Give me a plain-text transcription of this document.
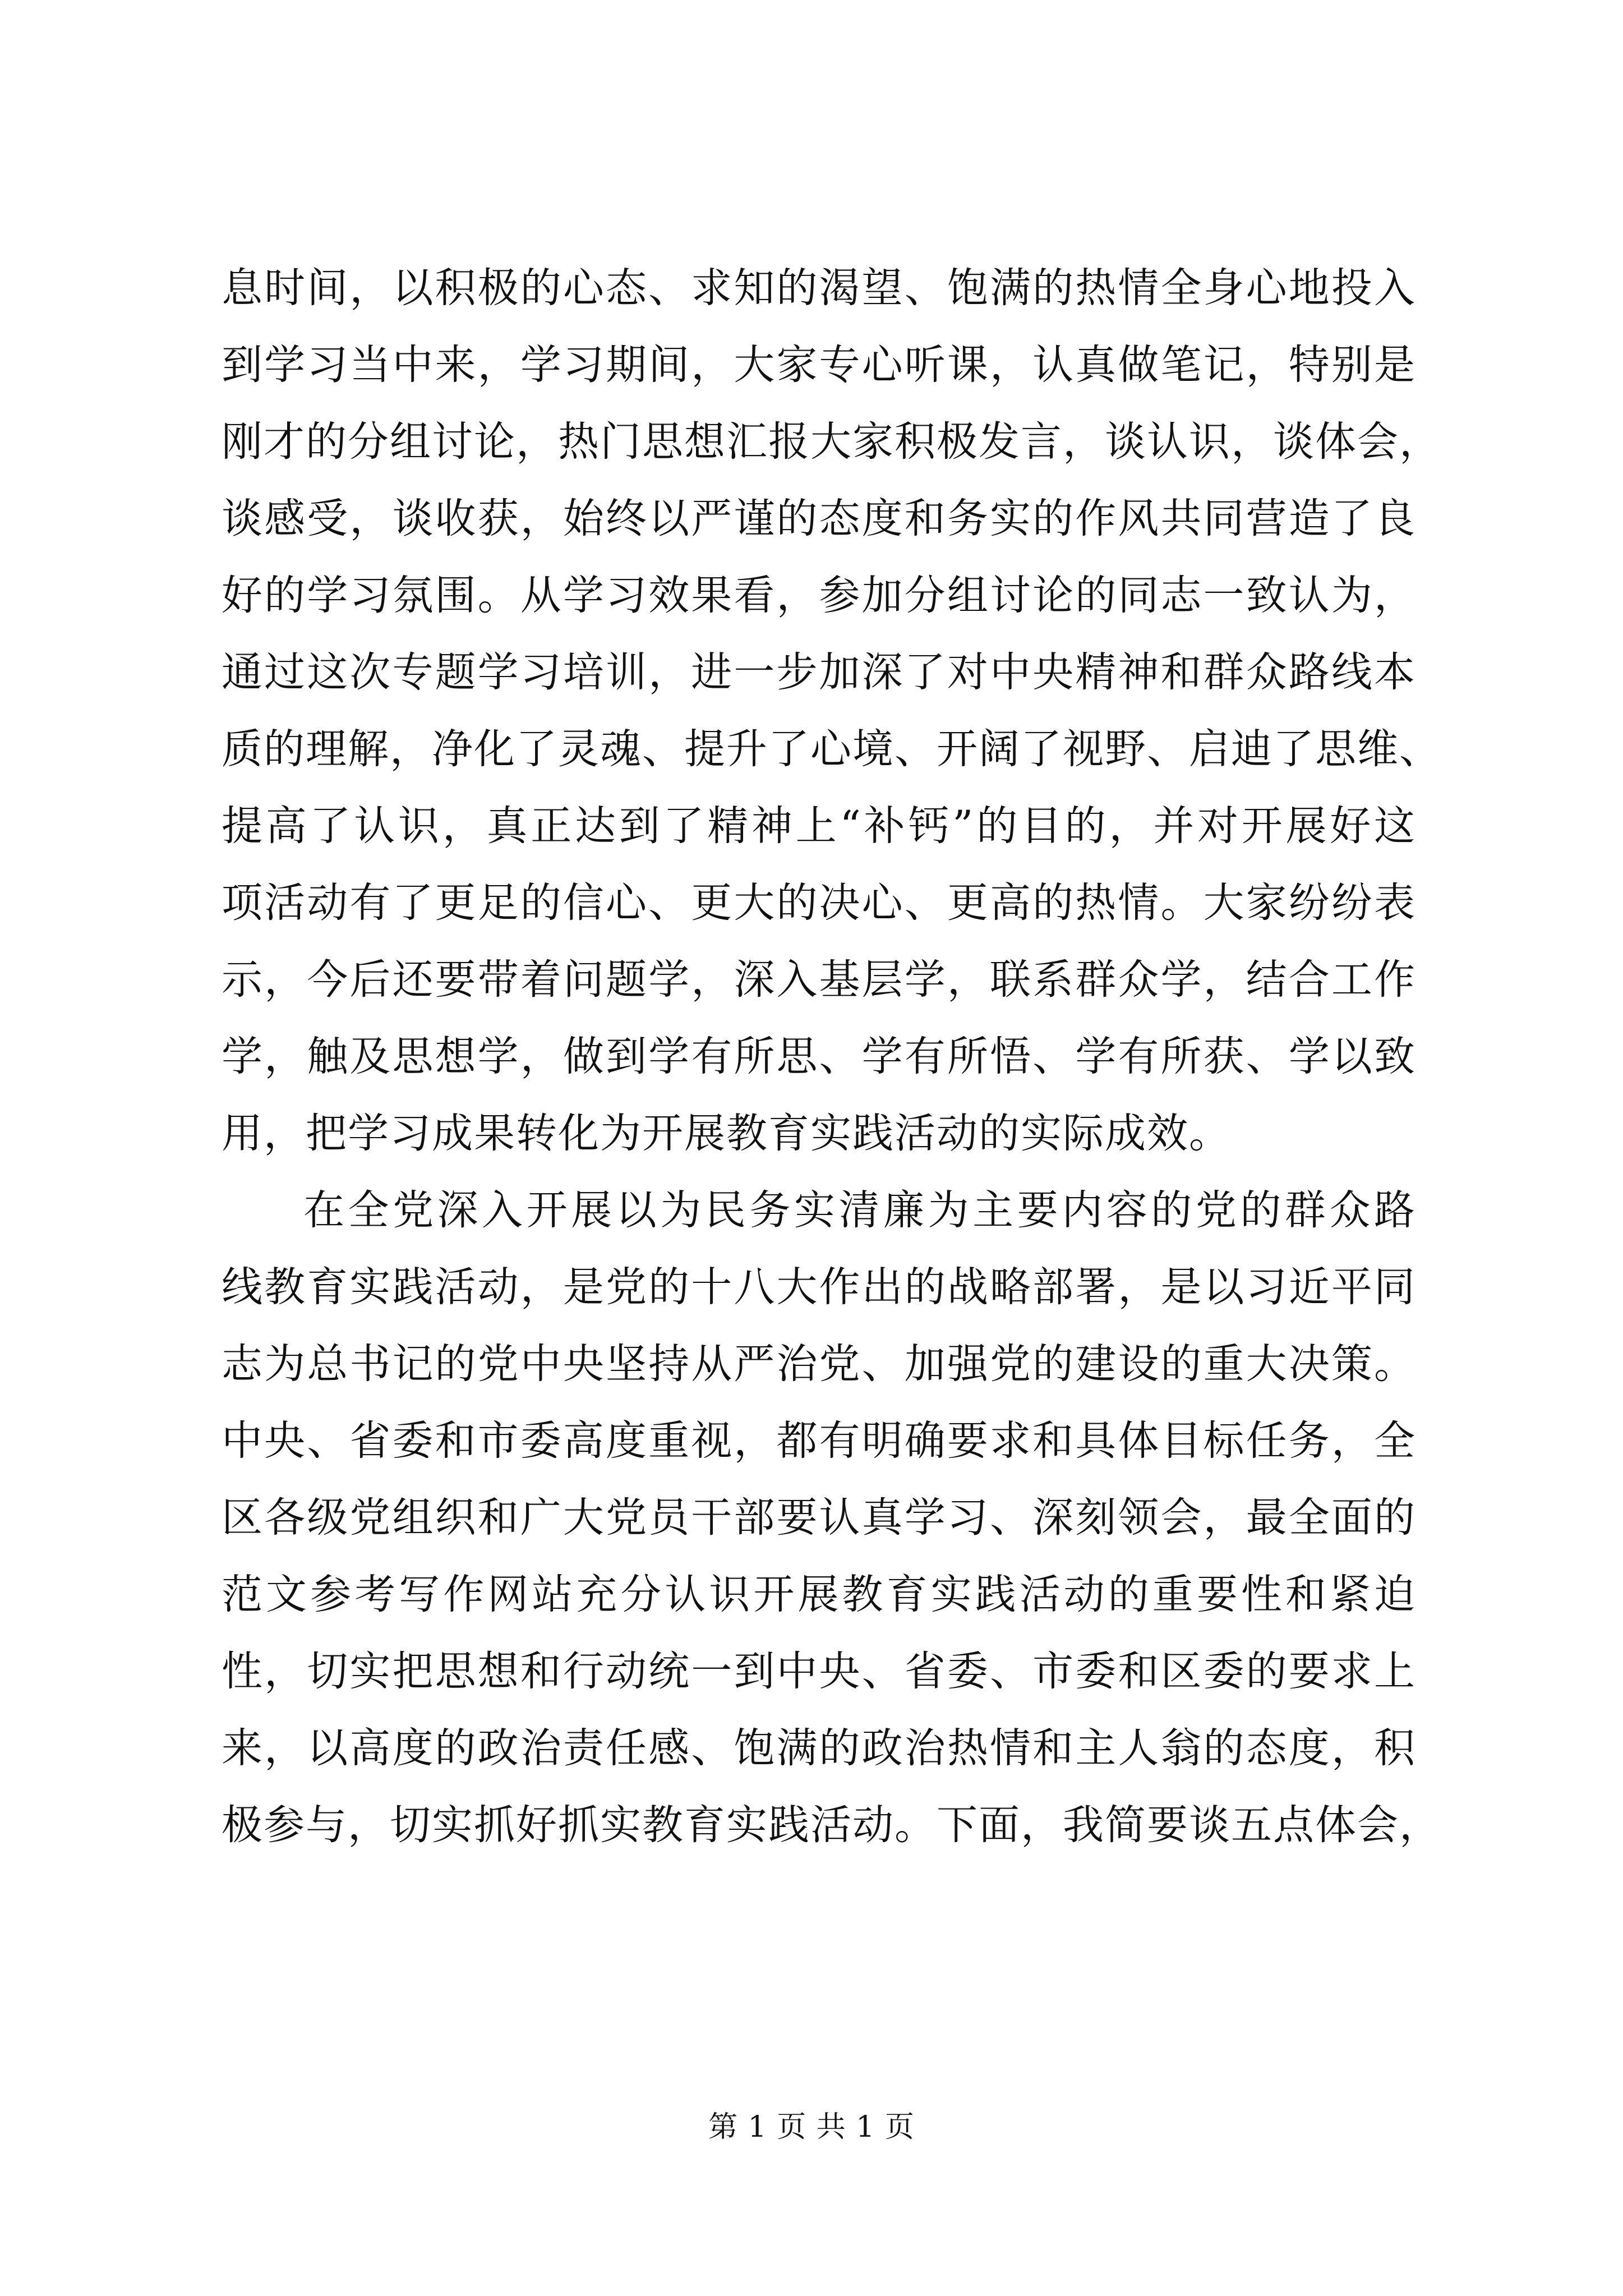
息时间，以积极的心态、求知的渴望、饱满的热情全身心地投入
到学习当中来，学习期间，大家专心听课，认真做笔记，特别是
刚才的分组讨论，热门思想汇报大家积极发言，谈认识，谈体会，
谈感受，谈收获，始终以严谨的态度和务实的作风共同营造了良
好的学习氛围。从学习效果看，参加分组讨论的同志一致认为，
通过这次专题学习培训，进一步加深了对中央精神和群众路线本
质的理解，净化了灵魂、提升了心境、开阔了视野、启迪了思维、
提高了认识，真正达到了精神上“补钙”的目的，并对开展好这
项活动有了更足的信心、更大的决心、更高的热情。大家纷纷表
示，今后还要带着问题学，深入基层学，联系群众学，结合工作
学，触及思想学，做到学有所思、学有所悟、学有所获、学以致
用，把学习成果转化为开展教育实践活动的实际成效。
在全党深入开展以为民务实清廉为主要内容的党的群众路
线教育实践活动，是党的十八大作出的战略部署，是以习近平同
志为总书记的党中央坚持从严治党、加强党的建设的重大决策。
中央、省委和市委高度重视，都有明确要求和具体目标任务，全
区各级党组织和广大党员干部要认真学习、深刻领会，最全面的
范文参考写作网站充分认识开展教育实践活动的重要性和紧迫
性，切实把思想和行动统一到中央、省委、市委和区委的要求上
来，以高度的政治责任感、饱满的政治热情和主人翁的态度，积
极参与，切实抓好抓实教育实践活动。下面，我简要谈五点体会，
第 1 页 共 1 页
